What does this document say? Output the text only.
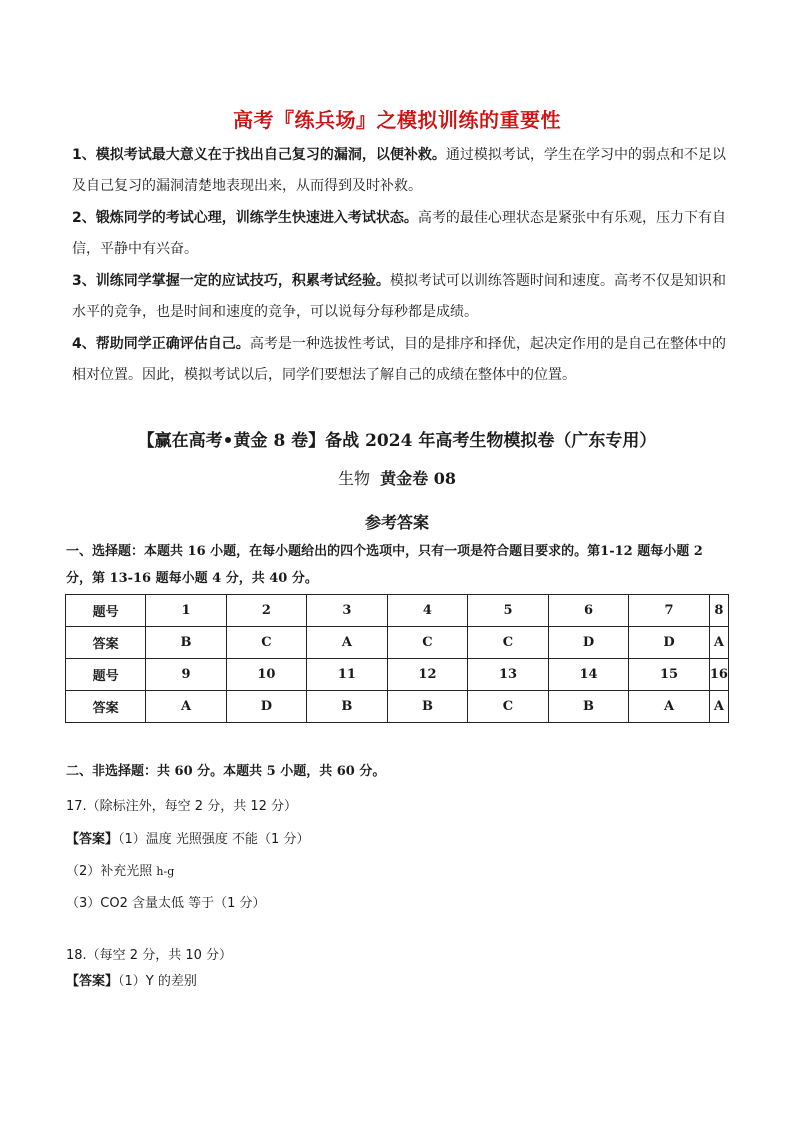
高考『练兵场』之模拟训练的重要性
1、模拟考试最大意义在于找出自己复习的漏洞，以便补救。通过模拟考试，学生在学习中的弱点和不足以及自己复习的漏洞清楚地表现出来，从而得到及时补救。
2、锻炼同学的考试心理，训练学生快速进入考试状态。高考的最佳心理状态是紧张中有乐观，压力下有自信，平静中有兴奋。
3、训练同学掌握一定的应试技巧，积累考试经验。模拟考试可以训练答题时间和速度。高考不仅是知识和水平的竞争，也是时间和速度的竞争，可以说每分每秒都是成绩。
4、帮助同学正确评估自己。高考是一种选拔性考试，目的是排序和择优，起决定作用的是自己在整体中的相对位置。因此，模拟考试以后，同学们要想法了解自己的成绩在整体中的位置。
【赢在高考•黄金 8 卷】备战 2024 年高考生物模拟卷（广东专用）
生物 黄金卷 08
参考答案
一、选择题：本题共 16 小题，在每小题给出的四个选项中，只有一项是符合题目要求的。第1-12 题每小题 2 分，第 13-16 题每小题 4 分，共 40 分。
题号	1	2	3	4	5	6	7	8
答案	B	C	A	C	C	D	D	A
题号	9	10	11	12	13	14	15	16
答案	A	D	B	B	C	B	A	A
二、非选择题：共 60 分。本题共 5 小题，共 60 分。
17.（除标注外，每空 2 分，共 12 分）
【答案】（1）温度 光照强度 不能（1 分）
（2）补充光照 h-g
（3）CO2 含量太低 等于（1 分）
18.（每空 2 分，共 10 分）
【答案】（1）Y 的差别
